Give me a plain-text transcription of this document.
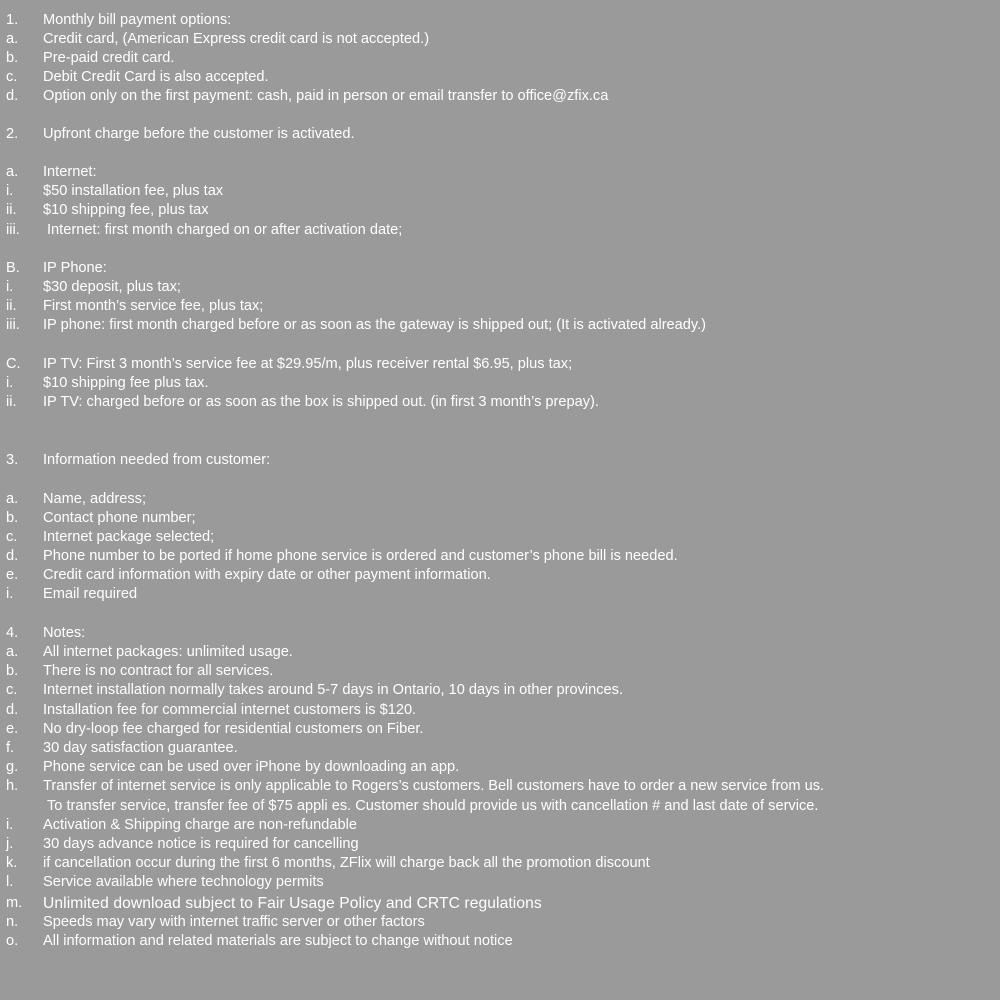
1. Monthly bill payment options:
a. Credit card, (American Express credit card is not accepted.)
b. Pre-paid credit card.
c. Debit Credit Card is also accepted.
d. Option only on the first payment: cash, paid in person or email transfer to office@zfix.ca
2. Upfront charge before the customer is activated.
a. Internet:
i. $50 installation fee, plus tax
ii. $10 shipping fee, plus tax
iii. Internet: first month charged on or after activation date;
B. IP Phone:
i. $30 deposit, plus tax;
ii. First month’s service fee, plus tax;
iii. IP phone: first month charged before or as soon as the gateway is shipped out; (It is activated already.)
C. IP TV: First 3 month’s service fee at $29.95/m, plus receiver rental $6.95, plus tax;
i. $10 shipping fee plus tax.
ii. IP TV: charged before or as soon as the box is shipped out. (in first 3 month’s prepay).
3. Information needed from customer:
a. Name, address;
b. Contact phone number;
c. Internet package selected;
d. Phone number to be ported if home phone service is ordered and customer’s phone bill is needed.
e. Credit card information with expiry date or other payment information.
i. Email required
4. Notes:
a. All internet packages: unlimited usage.
b. There is no contract for all services.
c. Internet installation normally takes around 5-7 days in Ontario, 10 days in other provinces.
d. Installation fee for commercial internet customers is $120.
e. No dry-loop fee charged for residential customers on Fiber.
f. 30 day satisfaction guarantee.
g. Phone service can be used over iPhone by downloading an app.
h. Transfer of internet service is only applicable to Rogers’s customers. Bell customers have to order a new service from us.
To transfer service, transfer fee of $75 appli es. Customer should provide us with cancellation # and last date of service.
i. Activation & Shipping charge are non-refundable
j. 30 days advance notice is required for cancelling
k. if cancellation occur during the first 6 months, ZFlix will charge back all the promotion discount
l. Service available where technology permits
m. Unlimited download subject to Fair Usage Policy and CRTC regulations
n. Speeds may vary with internet traffic server or other factors
o. All information and related materials are subject to change without notice
